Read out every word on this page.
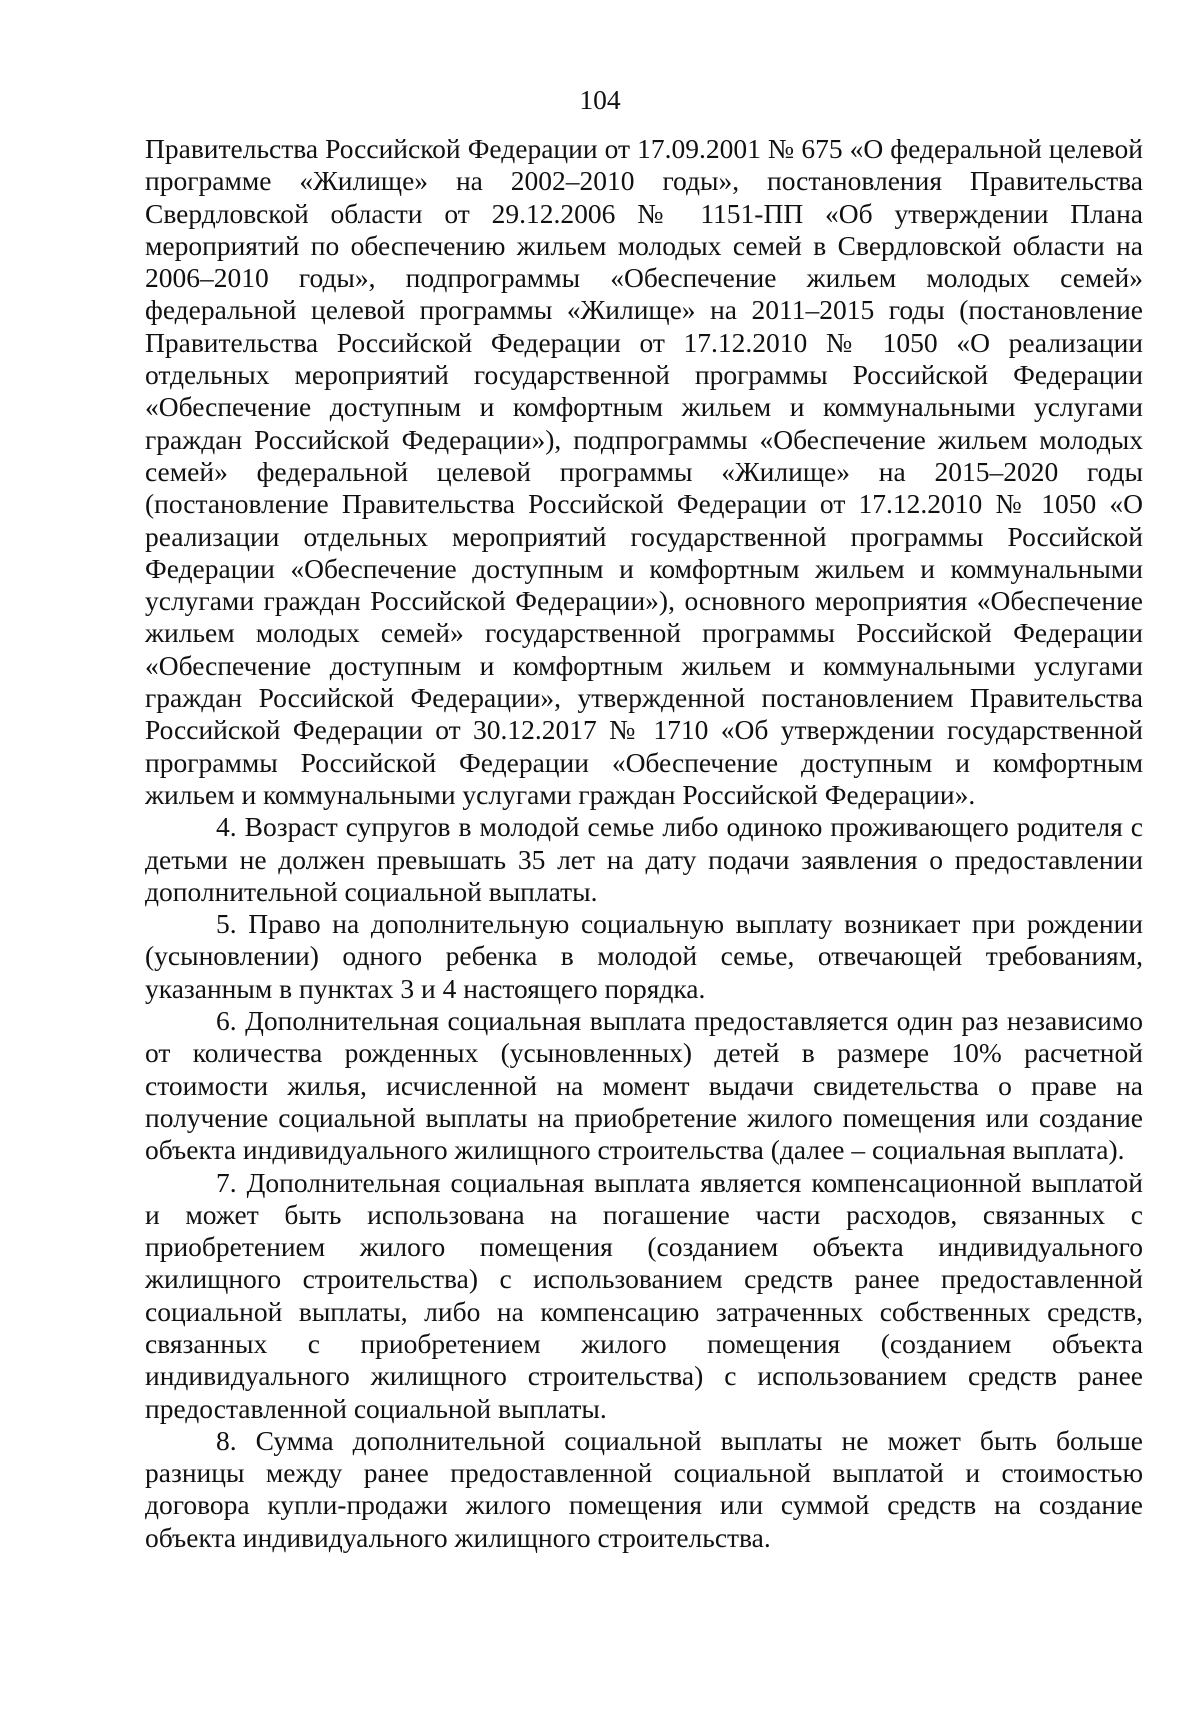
104

Правительства Российской Федерации от 17.09.2001 № 675 «О федеральной целевой программе «Жилище» на 2002–2010 годы», постановления Правительства Свердловской области от 29.12.2006 № 1151-ПП «Об утверждении Плана мероприятий по обеспечению жильем молодых семей в Свердловской области на 2006–2010 годы», подпрограммы «Обеспечение жильем молодых семей» федеральной целевой программы «Жилище» на 2011–2015 годы (постановление Правительства Российской Федерации от 17.12.2010 № 1050 «О реализации отдельных мероприятий государственной программы Российской Федерации «Обеспечение доступным и комфортным жильем и коммунальными услугами граждан Российской Федерации»), подпрограммы «Обеспечение жильем молодых семей» федеральной целевой программы «Жилище» на 2015–2020 годы (постановление Правительства Российской Федерации от 17.12.2010 № 1050 «О реализации отдельных мероприятий государственной программы Российской Федерации «Обеспечение доступным и комфортным жильем и коммунальными услугами граждан Российской Федерации»), основного мероприятия «Обеспечение жильем молодых семей» государственной программы Российской Федерации «Обеспечение доступным и комфортным жильем и коммунальными услугами граждан Российской Федерации», утвержденной постановлением Правительства Российской Федерации от 30.12.2017 № 1710 «Об утверждении государственной программы Российской Федерации «Обеспечение доступным и комфортным жильем и коммунальными услугами граждан Российской Федерации».

4. Возраст супругов в молодой семье либо одиноко проживающего родителя с детьми не должен превышать 35 лет на дату подачи заявления о предоставлении дополнительной социальной выплаты.

5. Право на дополнительную социальную выплату возникает при рождении (усыновлении) одного ребенка в молодой семье, отвечающей требованиям, указанным в пунктах 3 и 4 настоящего порядка.

6. Дополнительная социальная выплата предоставляется один раз независимо от количества рожденных (усыновленных) детей в размере 10% расчетной стоимости жилья, исчисленной на момент выдачи свидетельства о праве на получение социальной выплаты на приобретение жилого помещения или создание объекта индивидуального жилищного строительства (далее – социальная выплата).

7. Дополнительная социальная выплата является компенсационной выплатой и может быть использована на погашение части расходов, связанных с приобретением жилого помещения (созданием объекта индивидуального жилищного строительства) с использованием средств ранее предоставленной социальной выплаты, либо на компенсацию затраченных собственных средств, связанных с приобретением жилого помещения (созданием объекта индивидуального жилищного строительства) с использованием средств ранее предоставленной социальной выплаты.

8. Сумма дополнительной социальной выплаты не может быть больше разницы между ранее предоставленной социальной выплатой и стоимостью договора купли-продажи жилого помещения или суммой средств на создание объекта индивидуального жилищного строительства.
